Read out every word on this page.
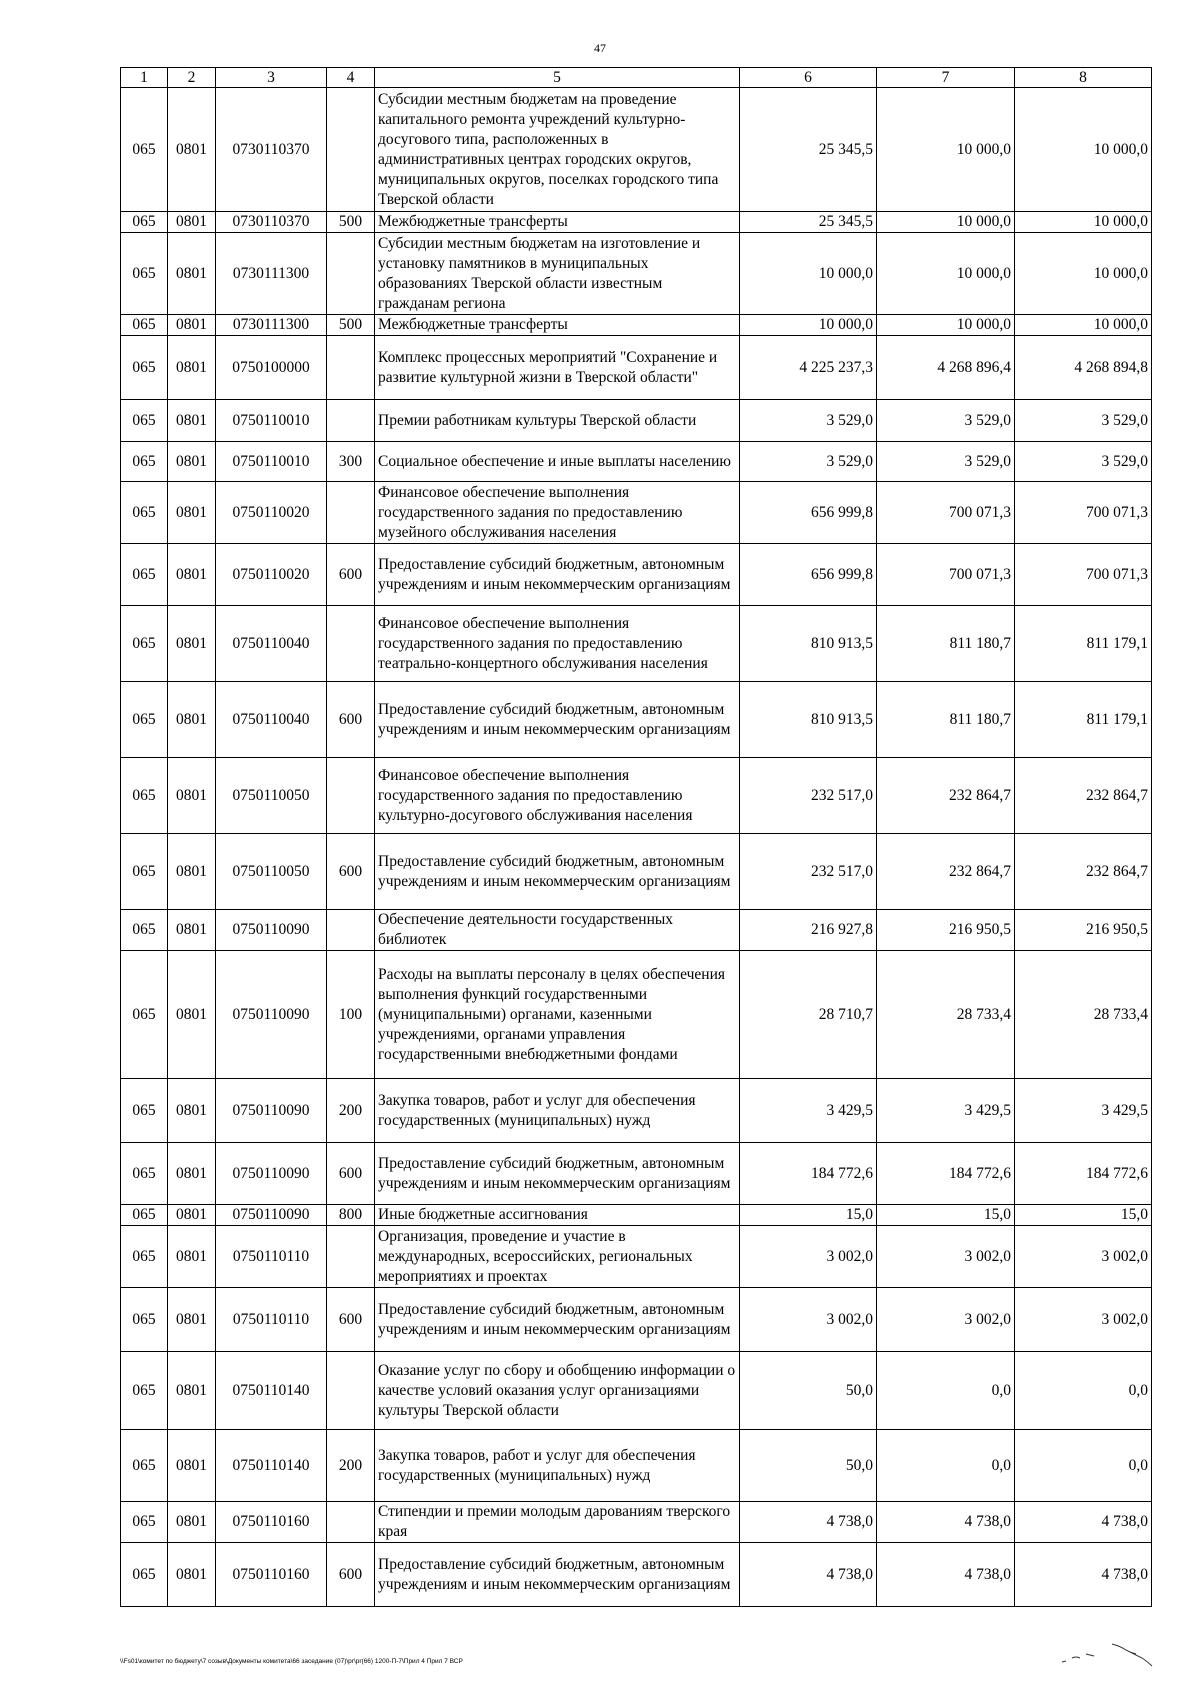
47
1	2	3	4	5	6	7	8
065	0801	0730110370		Субсидии местным бюджетам на проведение капитального ремонта учреждений культурно-досугового типа, расположенных в административных центрах городских округов, муниципальных округов, поселках городского типа Тверской области	25 345,5	10 000,0	10 000,0
065	0801	0730110370	500	Межбюджетные трансферты	25 345,5	10 000,0	10 000,0
065	0801	0730111300		Субсидии местным бюджетам на изготовление и установку памятников в муниципальных образованиях Тверской области известным гражданам региона	10 000,0	10 000,0	10 000,0
065	0801	0730111300	500	Межбюджетные трансферты	10 000,0	10 000,0	10 000,0
065	0801	0750100000		Комплекс процессных мероприятий "Сохранение и развитие культурной жизни в Тверской области"	4 225 237,3	4 268 896,4	4 268 894,8
065	0801	0750110010		Премии работникам культуры Тверской области	3 529,0	3 529,0	3 529,0
065	0801	0750110010	300	Социальное обеспечение и иные выплаты населению	3 529,0	3 529,0	3 529,0
065	0801	0750110020		Финансовое обеспечение выполнения государственного задания по предоставлению музейного обслуживания населения	656 999,8	700 071,3	700 071,3
065	0801	0750110020	600	Предоставление субсидий бюджетным, автономным учреждениям и иным некоммерческим организациям	656 999,8	700 071,3	700 071,3
065	0801	0750110040		Финансовое обеспечение выполнения государственного задания по предоставлению театрально-концертного обслуживания населения	810 913,5	811 180,7	811 179,1
065	0801	0750110040	600	Предоставление субсидий бюджетным, автономным учреждениям и иным некоммерческим организациям	810 913,5	811 180,7	811 179,1
065	0801	0750110050		Финансовое обеспечение выполнения государственного задания по предоставлению культурно-досугового обслуживания населения	232 517,0	232 864,7	232 864,7
065	0801	0750110050	600	Предоставление субсидий бюджетным, автономным учреждениям и иным некоммерческим организациям	232 517,0	232 864,7	232 864,7
065	0801	0750110090		Обеспечение деятельности государственных библиотек	216 927,8	216 950,5	216 950,5
065	0801	0750110090	100	Расходы на выплаты персоналу в целях обеспечения выполнения функций государственными (муниципальными) органами, казенными учреждениями, органами управления государственными внебюджетными фондами	28 710,7	28 733,4	28 733,4
065	0801	0750110090	200	Закупка товаров, работ и услуг для обеспечения государственных (муниципальных) нужд	3 429,5	3 429,5	3 429,5
065	0801	0750110090	600	Предоставление субсидий бюджетным, автономным учреждениям и иным некоммерческим организациям	184 772,6	184 772,6	184 772,6
065	0801	0750110090	800	Иные бюджетные ассигнования	15,0	15,0	15,0
065	0801	0750110110		Организация, проведение и участие в международных, всероссийских, региональных мероприятиях и проектах	3 002,0	3 002,0	3 002,0
065	0801	0750110110	600	Предоставление субсидий бюджетным, автономным учреждениям и иным некоммерческим организациям	3 002,0	3 002,0	3 002,0
065	0801	0750110140		Оказание услуг по сбору и обобщению информации о качестве условий оказания услуг организациями культуры Тверской области	50,0	0,0	0,0
065	0801	0750110140	200	Закупка товаров, работ и услуг для обеспечения государственных (муниципальных) нужд	50,0	0,0	0,0
065	0801	0750110160		Стипендии и премии молодым дарованиям тверского края	4 738,0	4 738,0	4 738,0
065	0801	0750110160	600	Предоставление субсидий бюджетным, автономным учреждениям и иным некоммерческим организациям	4 738,0	4 738,0	4 738,0
\\Fs01\комитет по бюджету\7 созыв\Документы комитета\66 заседание (07)\pr\pr(66) 1200-П-7\Прил 4 Прил 7 ВСР
